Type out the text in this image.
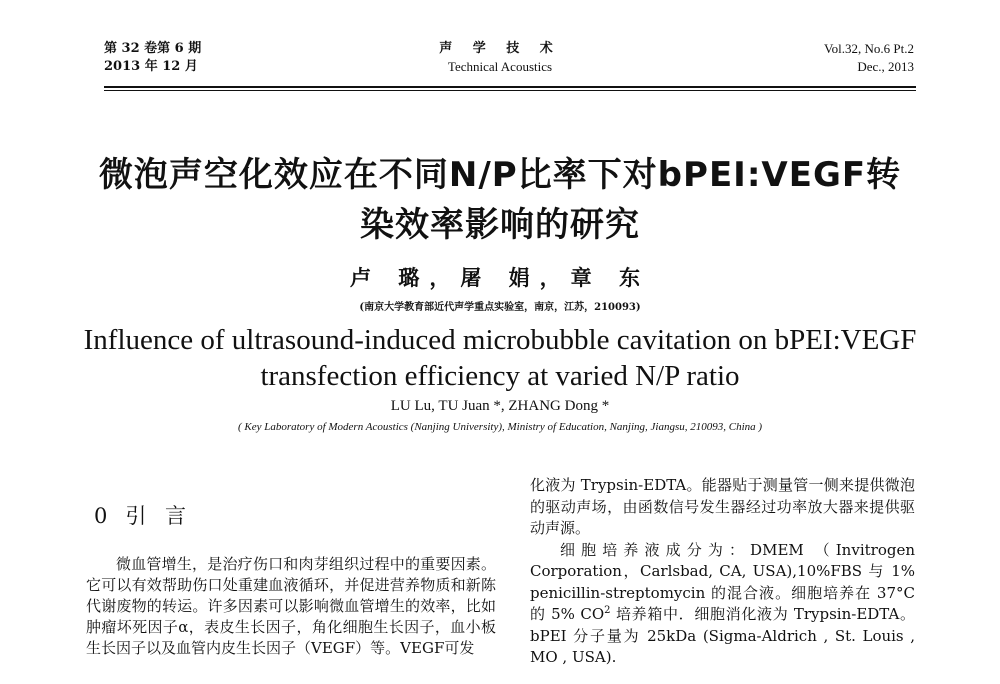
第 32 卷第 6 期
2013 年 12 月
声 学 技 术
Technical Acoustics
Vol.32, No.6 Pt.2
Dec., 2013
微泡声空化效应在不同N/P比率下对bPEI:VEGF转
染效率影响的研究
卢 璐，屠 娟，章 东
(南京大学教育部近代声学重点实验室，南京，江苏，210093)
Influence of ultrasound-induced microbubble cavitation on bPEI:VEGF
transfection efficiency at varied N/P ratio
LU Lu, TU Juan *, ZHANG Dong *
( Key Laboratory of Modern Acoustics (Nanjing University), Ministry of Education, Nanjing, Jiangsu, 210093, China )
0 引 言
微血管增生，是治疗伤口和肉芽组织过程中的重要因素。它可以有效帮助伤口处重建血液循环，并促进营养物质和新陈代谢废物的转运。许多因素可以影响微血管增生的效率，比如肿瘤坏死因子α，表皮生长因子，角化细胞生长因子，血小板生长因子以及血管内皮生长因子（VEGF）等。VEGF可发

化液为 Trypsin-EDTA。能器贴于测量管一侧来提供微泡的驱动声场，由函数信号发生器经过功率放大器来提供驱动声源。

细胞培养液成分为：DMEM （Invitrogen Corporation，Carlsbad, CA, USA),10%FBS 与 1% penicillin-streptomycin 的混合液。细胞培养在 37°C 的 5% $CO^2$ 培养箱中．细胞消化液为 Trypsin-EDTA。bPEI 分子量为 25kDa (Sigma-Aldrich , St. Louis , MO , USA).
